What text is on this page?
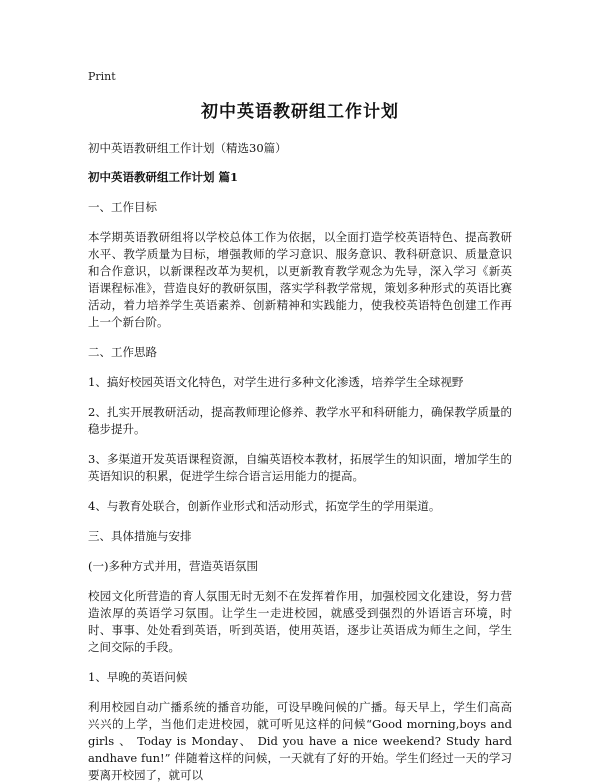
Print
初中英语教研组工作计划

初中英语教研组工作计划（精选30篇）

初中英语教研组工作计划 篇1

一、工作目标

本学期英语教研组将以学校总体工作为依据，以全面打造学校英语特色、提高教研水平、教学质量为目标，增强教师的学习意识、服务意识、教科研意识、质量意识和合作意识，以新课程改革为契机，以更新教育教学观念为先导，深入学习《新英语课程标准》，营造良好的教研氛围，落实学科教学常规，策划多种形式的英语比赛活动，着力培养学生英语素养、创新精神和实践能力，使我校英语特色创建工作再上一个新台阶。

二、工作思路

1、搞好校园英语文化特色，对学生进行多种文化渗透，培养学生全球视野

2、扎实开展教研活动，提高教师理论修养、教学水平和科研能力，确保教学质量的稳步提升。

3、多渠道开发英语课程资源，自编英语校本教材，拓展学生的知识面，增加学生的英语知识的积累，促进学生综合语言运用能力的提高。

4、与教育处联合，创新作业形式和活动形式，拓宽学生的学用渠道。

三、具体措施与安排

(一)多种方式并用，营造英语氛围

校园文化所营造的育人氛围无时无刻不在发挥着作用，加强校园文化建设，努力营造浓厚的英语学习氛围。让学生一走进校园，就感受到强烈的外语语言环境，时时、事事、处处看到英语，听到英语，使用英语，逐步让英语成为师生之间，学生之间交际的手段。

1、早晚的英语问候

利用校园自动广播系统的播音功能，可设早晚问候的广播。每天早上，学生们高高兴兴的上学，当他们走进校园，就可听见这样的问候“Good morning,boys and girls 、 Today is Monday、 Did you have a nice weekend? Study hard andhave fun!” 伴随着这样的问候，一天就有了好的开始。学生们经过一天的学习要离开校园了，就可以
